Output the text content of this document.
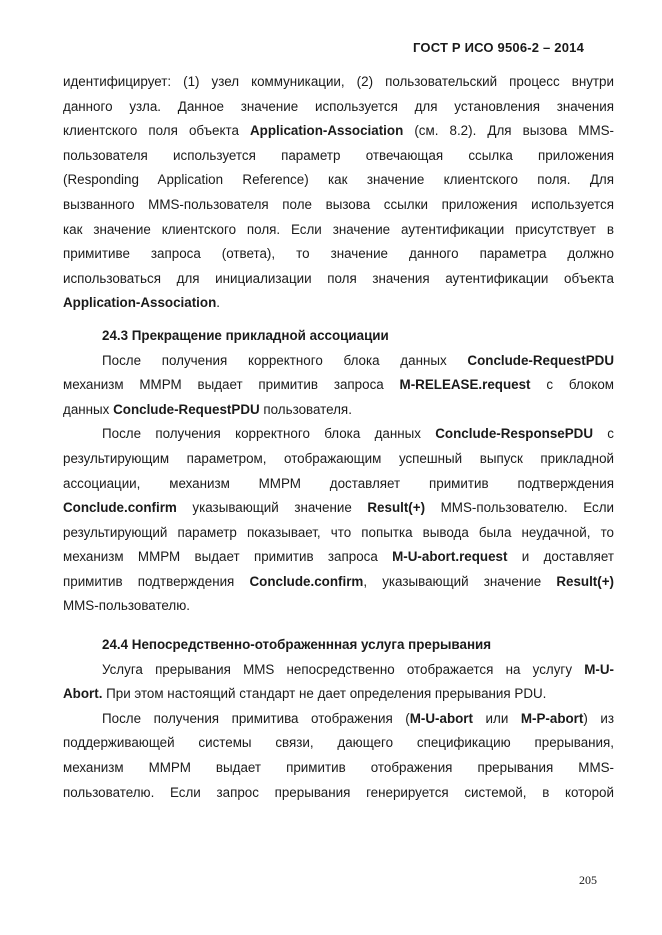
ГОСТ Р ИСО 9506-2 – 2014
идентифицирует: (1) узел коммуникации, (2) пользовательский процесс внутри
данного узла. Данное значение используется для установления значения
клиентского поля объекта Application-Association (см. 8.2). Для вызова MMS-
пользователя используется параметр отвечающая ссылка приложения
(Responding Application Reference) как значение клиентского поля. Для
вызванного MMS-пользователя поле вызова ссылки приложения используется
как значение клиентского поля. Если значение аутентификации присутствует в
примитиве запроса (ответа), то значение данного параметра должно
использоваться для инициализации поля значения аутентификации объекта
Application-Association.
24.3 Прекращение прикладной ассоциации
После получения корректного блока данных Conclude-RequestPDU
механизм ММРМ выдает примитив запроса M-RELEASE.request с блоком
данных Conclude-RequestPDU пользователя.
После получения корректного блока данных Conclude-ResponsePDU с
результирующим параметром, отображающим успешный выпуск прикладной
ассоциации, механизм ММРМ доставляет примитив подтверждения
Conclude.confirm указывающий значение Result(+) MMS-пользователю. Если
результирующий параметр показывает, что попытка вывода была неудачной, то
механизм ММРМ выдает примитив запроса M-U-abort.request и доставляет
примитив подтверждения Conclude.confirm, указывающий значение Result(+)
MMS-пользователю.
24.4 Непосредственно-отображеннная услуга прерывания
Услуга прерывания MMS непосредственно отображается на услугу M-U-
Abort. При этом настоящий стандарт не дает определения прерывания PDU.
После получения примитива отображения (M-U-abort или M-P-abort) из
поддерживающей системы связи, дающего спецификацию прерывания,
механизм ММРМ выдает примитив отображения прерывания MMS-
пользователю. Если запрос прерывания генерируется системой, в которой
205
